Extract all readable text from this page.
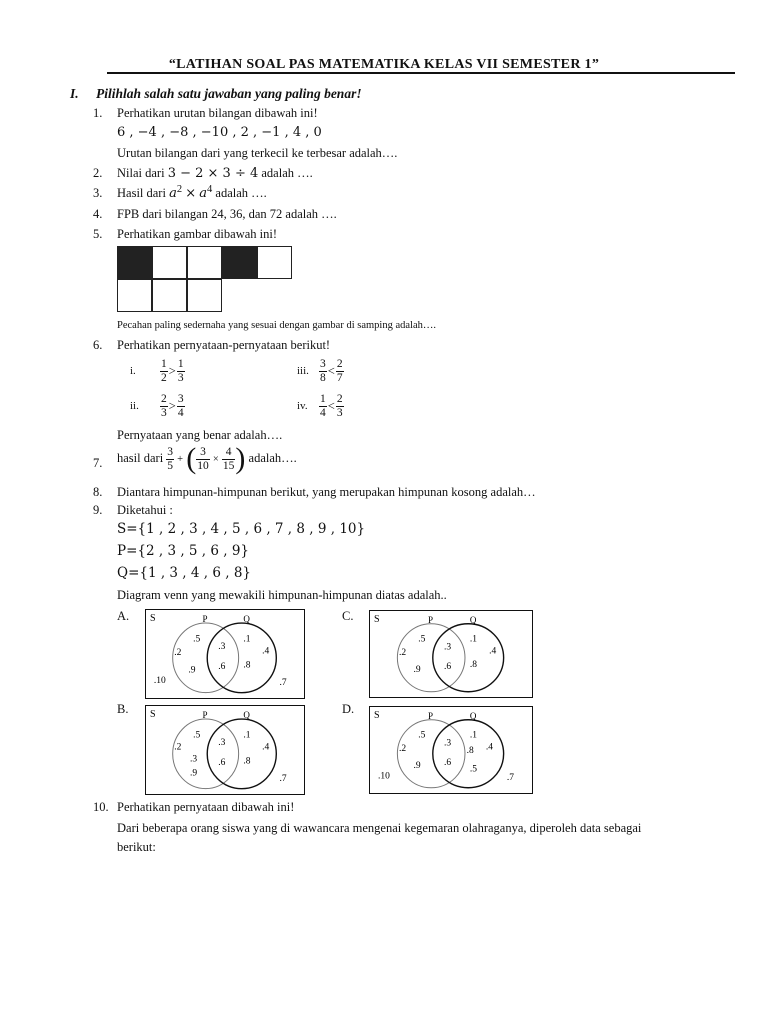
“LATIHAN SOAL PAS MATEMATIKA KELAS VII SEMESTER 1”
I. Pilihlah salah satu jawaban yang paling benar!
1. Perhatikan urutan bilangan dibawah ini!
6 , −4 , −8 , −10 , 2 , −1 , 4 , 0
Urutan bilangan dari yang terkecil ke terbesar adalah….
2. Nilai dari 3 − 2 × 3 ÷ 4 adalah ….
3. Hasil dari $a^2 \times a^4$ adalah ….
4. FPB dari bilangan 24, 36, dan 72 adalah ….
5. Perhatikan gambar dibawah ini!
Pecahan paling sedernaha yang sesuai dengan gambar di samping adalah….
6. Perhatikan pernyataan-pernyataan berikut!
i. $\frac{1}{2} > \frac{1}{3}$
ii. $\frac{2}{3} > \frac{3}{4}$
iii. $\frac{3}{8} < \frac{2}{7}$
iv. $\frac{1}{4} < \frac{2}{3}$
Pernyataan yang benar adalah….
7. hasil dari $\frac{3}{5}$ + ( $\frac{3}{10} \times \frac{4}{15}$ ) adalah….
8. Diantara himpunan-himpunan berikut, yang merupakan himpunan kosong adalah…
9. Diketahui :
S={1 , 2 , 3 , 4 , 5 , 6 , 7 , 8 , 9 , 10}
P={2 , 3 , 5 , 6 , 9}
Q={1 , 3 , 4 , 6 , 8}
Diagram venn yang mewakili himpunan-himpunan diatas adalah..
A. S	P	Q
.5
.2
.9
.3
.6
.1
.4
.8
.10	.7
B. S	P	Q
.5
.2
.3
.9
.3
.6
.1
.4
.8
.7
C. S	P	Q
.5
.2
.9
.3
.6
.1
.4
.8
D. S	P	Q
.5
.2
.9
.3
.6
.1
.8 .4
.5
.10	.7
10. Perhatikan pernyataan dibawah ini!
Dari beberapa orang siswa yang di wawancara mengenai kegemaran olahraganya, diperoleh data sebagai
berikut:
